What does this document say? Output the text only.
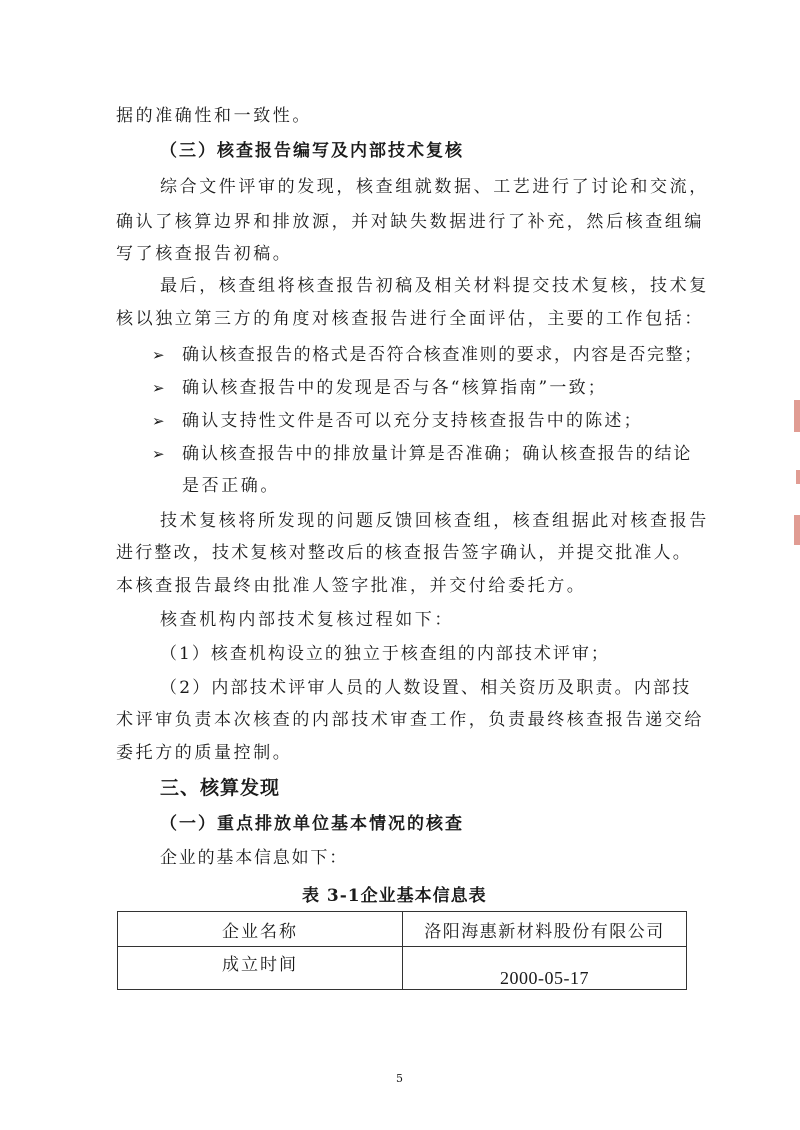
据的准确性和一致性。
（三）核查报告编写及内部技术复核
综合文件评审的发现，核查组就数据、工艺进行了讨论和交流，
确认了核算边界和排放源，并对缺失数据进行了补充，然后核查组编
写了核查报告初稿。
最后，核查组将核查报告初稿及相关材料提交技术复核，技术复
核以独立第三方的角度对核查报告进行全面评估，主要的工作包括：
➢ 确认核查报告的格式是否符合核查准则的要求，内容是否完整；
➢ 确认核查报告中的发现是否与各“核算指南”一致；
➢ 确认支持性文件是否可以充分支持核查报告中的陈述；
➢ 确认核查报告中的排放量计算是否准确；确认核查报告的结论
是否正确。
技术复核将所发现的问题反馈回核查组，核查组据此对核查报告
进行整改，技术复核对整改后的核查报告签字确认，并提交批准人。
本核查报告最终由批准人签字批准，并交付给委托方。
核查机构内部技术复核过程如下：
（1）核查机构设立的独立于核查组的内部技术评审；
（2）内部技术评审人员的人数设置、相关资历及职责。内部技
术评审负责本次核查的内部技术审查工作，负责最终核查报告递交给
委托方的质量控制。
三、核算发现
（一）重点排放单位基本情况的核查
企业的基本信息如下：
表 3-1企业基本信息表
企业名称	洛阳海惠新材料股份有限公司
成立时间	2000-05-17
5
